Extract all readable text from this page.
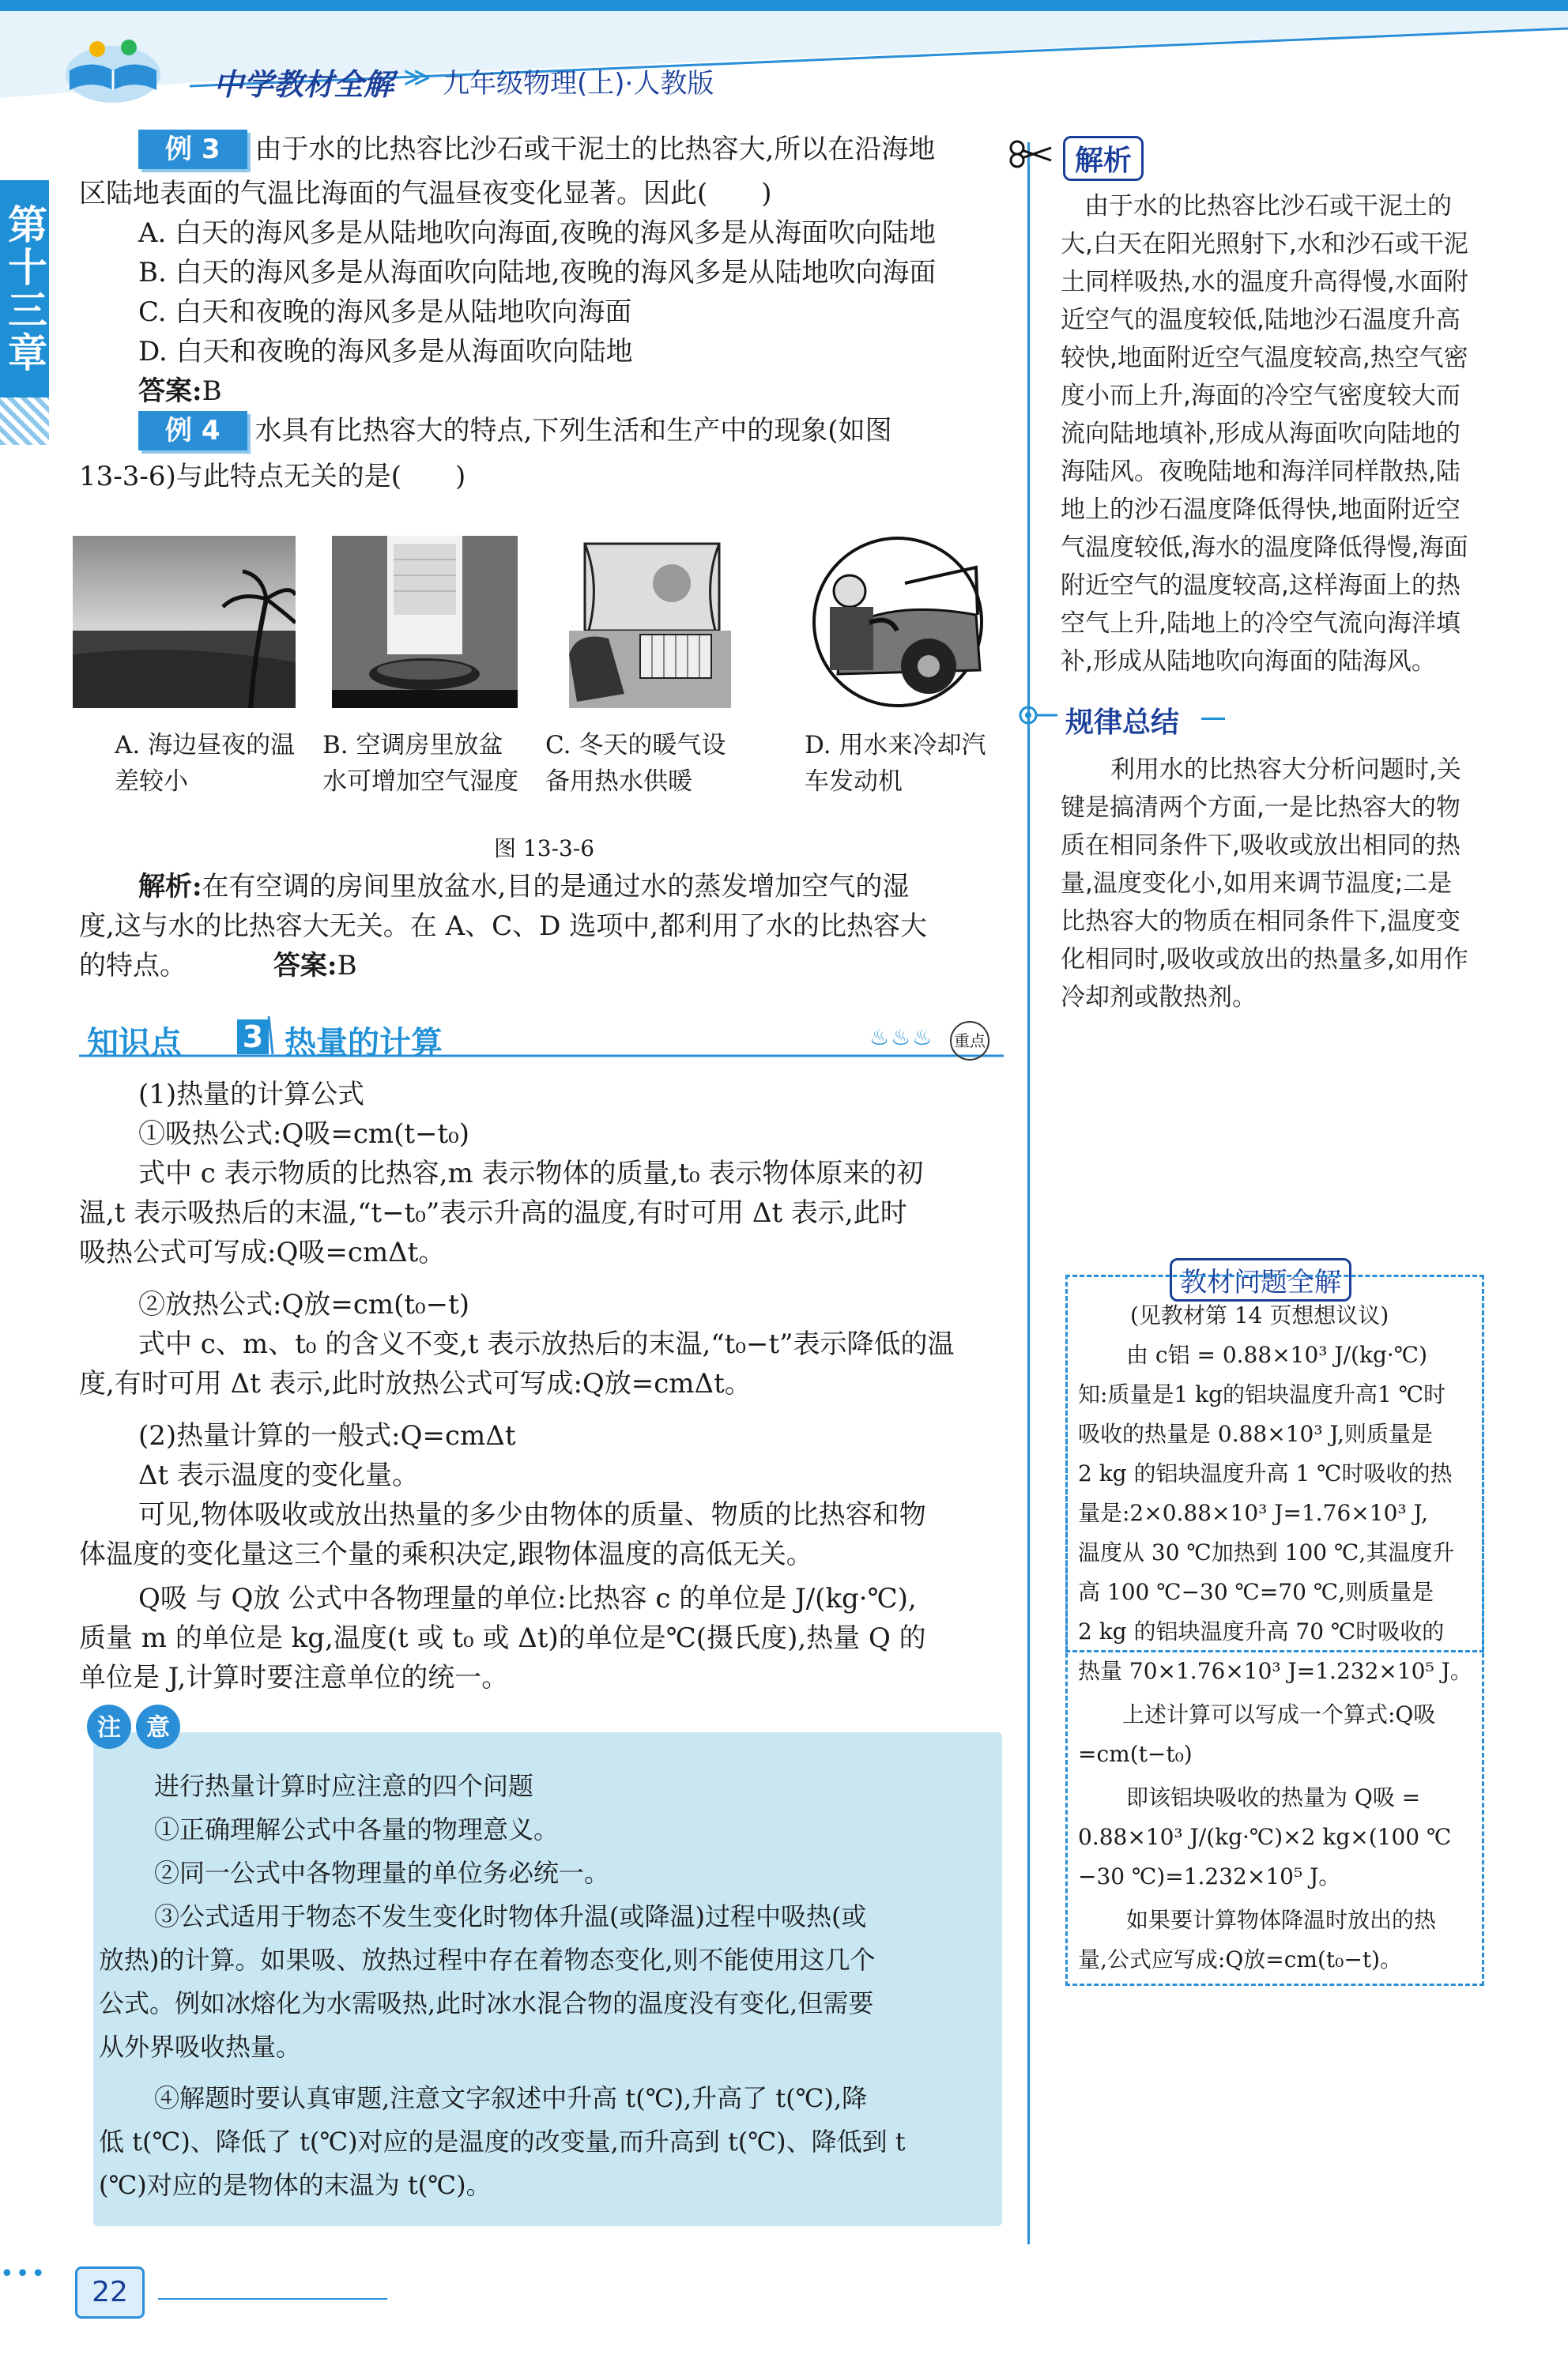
中学教材全解 ≫ 九年级物理(上)·人教版
第十三章
例 3 由于水的比热容比沙石或干泥土的比热容大,所以在沿海地
区陆地表面的气温比海面的气温昼夜变化显著。因此(　　)
A. 白天的海风多是从陆地吹向海面,夜晚的海风多是从海面吹向陆地
B. 白天的海风多是从海面吹向陆地,夜晚的海风多是从陆地吹向海面
C. 白天和夜晚的海风多是从陆地吹向海面
D. 白天和夜晚的海风多是从海面吹向陆地
答案:B
例 4 水具有比热容大的特点,下列生活和生产中的现象(如图
13-3-6)与此特点无关的是(　　)
A. 海边昼夜的温差较小
B. 空调房里放盆水可增加空气湿度
C. 冬天的暖气设备用热水供暖
D. 用水来冷却汽车发动机
图 13-3-6
解析:在有空调的房间里放盆水,目的是通过水的蒸发增加空气的湿
度,这与水的比热容大无关。在 A、C、D 选项中,都利用了水的比热容大
的特点。	答案:B
知识点 3 热量的计算	♨♨♨ 重点
(1)热量的计算公式
①吸热公式:Q吸=cm(t−t₀)
式中 c 表示物质的比热容,m 表示物体的质量,t₀ 表示物体原来的初
温,t 表示吸热后的末温,“t−t₀”表示升高的温度,有时可用 Δt 表示,此时
吸热公式可写成:Q吸=cmΔt。
②放热公式:Q放=cm(t₀−t)
式中 c、m、t₀ 的含义不变,t 表示放热后的末温,“t₀−t”表示降低的温
度,有时可用 Δt 表示,此时放热公式可写成:Q放=cmΔt。
(2)热量计算的一般式:Q=cmΔt
Δt 表示温度的变化量。
可见,物体吸收或放出热量的多少由物体的质量、物质的比热容和物
体温度的变化量这三个量的乘积决定,跟物体温度的高低无关。
Q吸 与 Q放 公式中各物理量的单位:比热容 c 的单位是 J/(kg·℃),
质量 m 的单位是 kg,温度(t 或 t₀ 或 Δt)的单位是℃(摄氏度),热量 Q 的
单位是 J,计算时要注意单位的统一。
注 意
进行热量计算时应注意的四个问题
①正确理解公式中各量的物理意义。
②同一公式中各物理量的单位务必统一。
③公式适用于物态不发生变化时物体升温(或降温)过程中吸热(或
放热)的计算。如果吸、放热过程中存在着物态变化,则不能使用这几个
公式。例如冰熔化为水需吸热,此时冰水混合物的温度没有变化,但需要
从外界吸收热量。
④解题时要认真审题,注意文字叙述中升高 t(℃),升高了 t(℃),降
低 t(℃)、降低了 t(℃)对应的是温度的改变量,而升高到 t(℃)、降低到 t
(℃)对应的是物体的末温为 t(℃)。
解析
由于水的比热容比沙石或干泥土的
大,白天在阳光照射下,水和沙石或干泥
土同样吸热,水的温度升高得慢,水面附
近空气的温度较低,陆地沙石温度升高
较快,地面附近空气温度较高,热空气密
度小而上升,海面的冷空气密度较大而
流向陆地填补,形成从海面吹向陆地的
海陆风。夜晚陆地和海洋同样散热,陆
地上的沙石温度降低得快,地面附近空
气温度较低,海水的温度降低得慢,海面
附近空气的温度较高,这样海面上的热
空气上升,陆地上的冷空气流向海洋填
补,形成从陆地吹向海面的陆海风。
规律总结
利用水的比热容大分析问题时,关
键是搞清两个方面,一是比热容大的物
质在相同条件下,吸收或放出相同的热
量,温度变化小,如用来调节温度;二是
比热容大的物质在相同条件下,温度变
化相同时,吸收或放出的热量多,如用作
冷却剂或散热剂。
教材问题全解
(见教材第 14 页想想议议)
由 c铝 = 0.88×10³ J/(kg·℃)
知:质量是1 kg的铝块温度升高1 ℃时
吸收的热量是 0.88×10³ J,则质量是
2 kg 的铝块温度升高 1 ℃时吸收的热
量是:2×0.88×10³ J=1.76×10³ J,
温度从 30 ℃加热到 100 ℃,其温度升
高 100 ℃−30 ℃=70 ℃,则质量是
2 kg 的铝块温度升高 70 ℃时吸收的
热量 70×1.76×10³ J=1.232×10⁵ J。
上述计算可以写成一个算式:Q吸
=cm(t−t₀)
即该铝块吸收的热量为 Q吸 =
0.88×10³ J/(kg·℃)×2 kg×(100 ℃
−30 ℃)=1.232×10⁵ J。
如果要计算物体降温时放出的热
量,公式应写成:Q放=cm(t₀−t)。
•••
22
